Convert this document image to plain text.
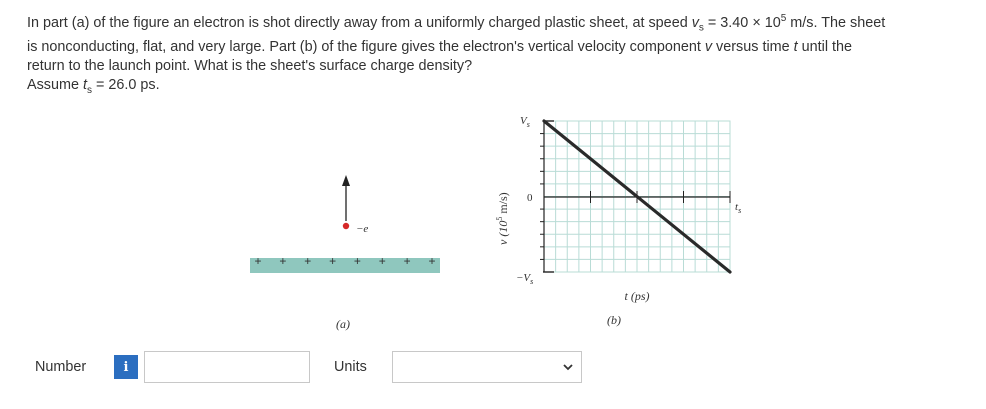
In part (a) of the figure an electron is shot directly away from a uniformly charged plastic sheet, at speed $v_s = 3.40 \times 10^5$ m/s. The sheet

is nonconducting, flat, and very large. Part (b) of the figure gives the electron's vertical velocity component v versus time t until the

return to the launch point. What is the sheet's surface charge density?

Assume $t_s = 26.0$ ps.

−e
+ + + + + + + +
(a)
v ($10^5$ m/s)
$V_s$
0
$-V_s$
$t_s$
t (ps)
(b)
Number	i	Units
